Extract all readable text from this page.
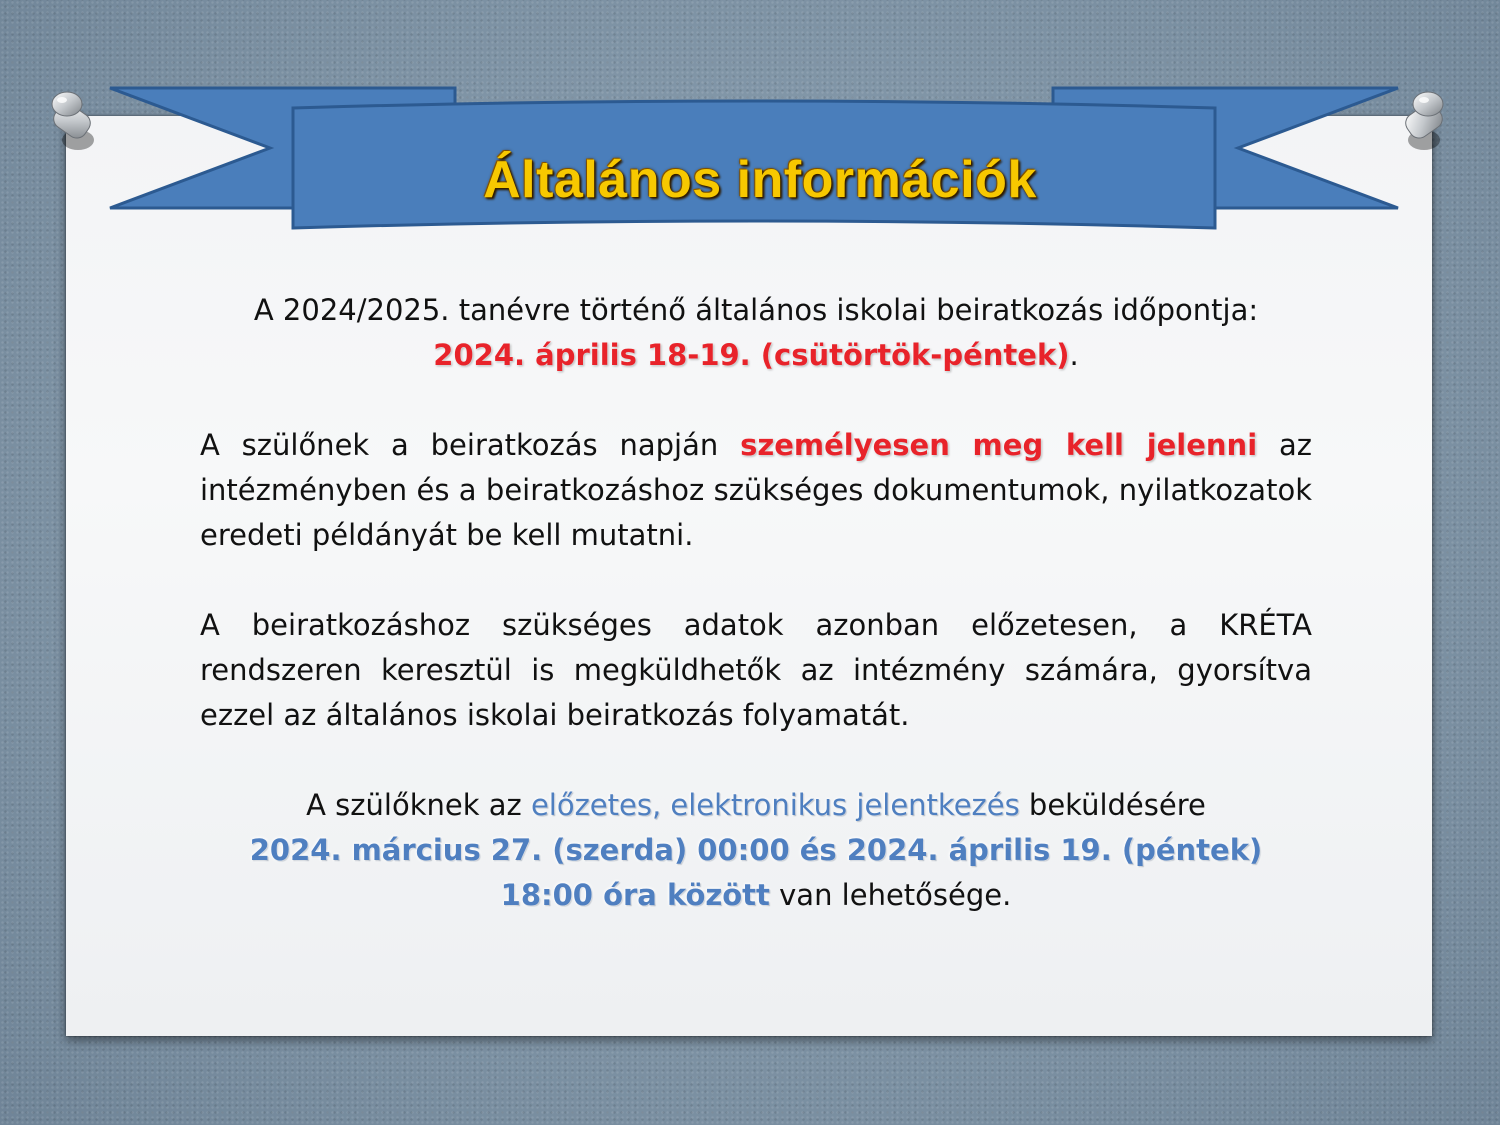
Általános információk

A 2024/2025. tanévre történő általános iskolai beiratkozás időpontja:
2024. április 18-19. (csütörtök-péntek).

A szülőnek a beiratkozás napján személyesen meg kell jelenni az intézményben és a beiratkozáshoz szükséges dokumentumok, nyilatkozatok eredeti példányát be kell mutatni.

A beiratkozáshoz szükséges adatok azonban előzetesen, a KRÉTA rendszeren keresztül is megküldhetők az intézmény számára, gyorsítva ezzel az általános iskolai beiratkozás folyamatát.

A szülőknek az előzetes, elektronikus jelentkezés beküldésére
2024. március 27. (szerda) 00:00 és 2024. április 19. (péntek) 18:00 óra között van lehetősége.
